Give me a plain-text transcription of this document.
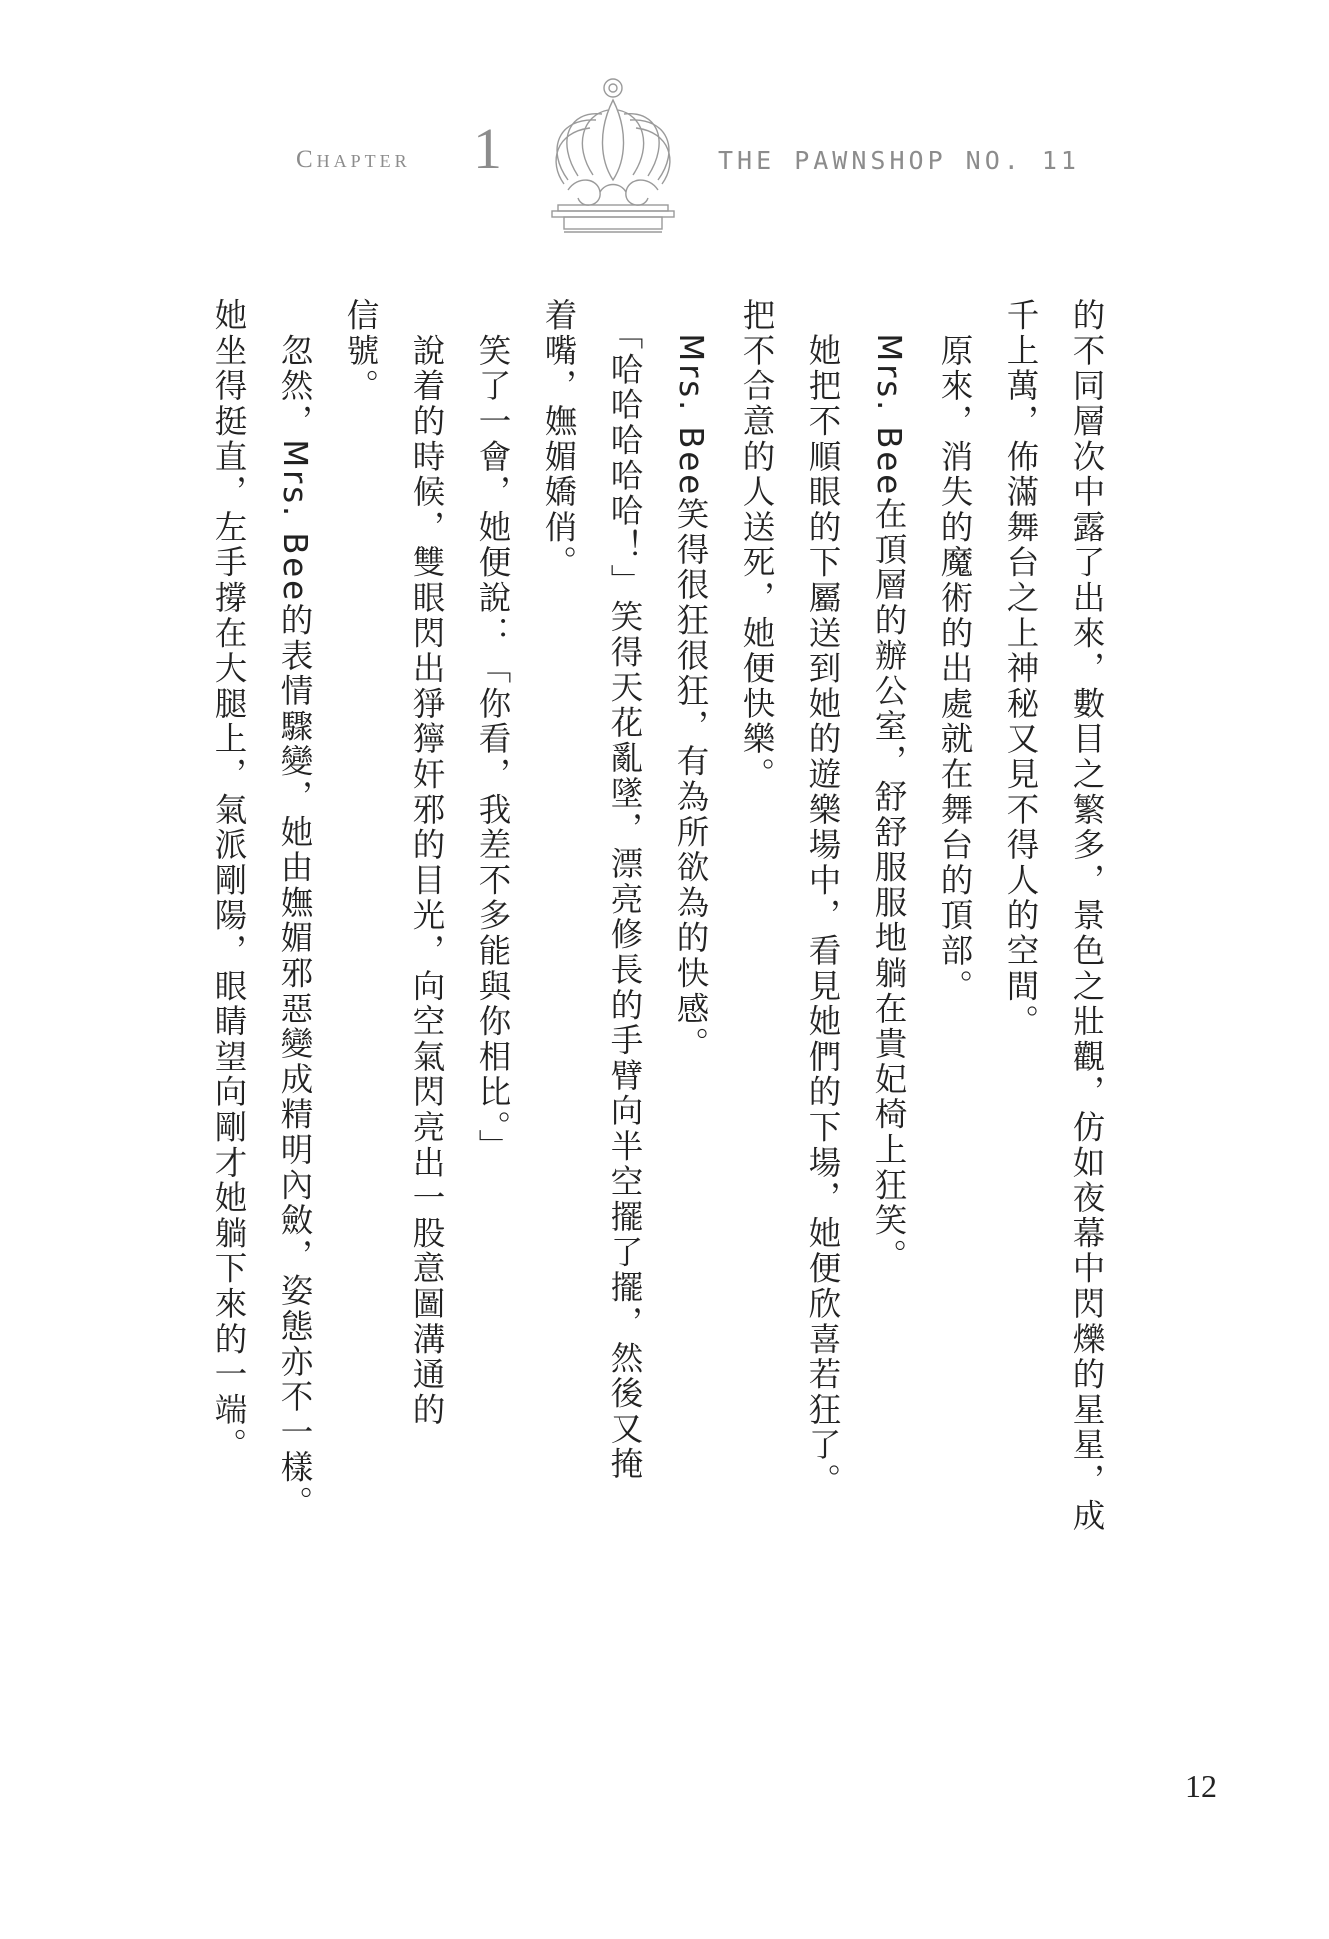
Chapter 1	THE PAWNSHOP NO. 11

的不同層次中露了出來，數目之繁多，景色之壯觀，仿如夜幕中閃爍的星星，成

千上萬，佈滿舞台之上神秘又見不得人的空間。

　原來，消失的魔術的出處就在舞台的頂部。

　Mrs. Bee在頂層的辦公室，舒舒服服地躺在貴妃椅上狂笑。

　她把不順眼的下屬送到她的遊樂場中，看見她們的下場，她便欣喜若狂了。

把不合意的人送死，她便快樂。

　Mrs. Bee笑得很狂很狂，有為所欲為的快感。

　「哈哈哈哈哈！」笑得天花亂墜，漂亮修長的手臂向半空擺了擺，然後又掩

着嘴，嫵媚嬌俏。

　笑了一會，她便說：「你看，我差不多能與你相比。」

　說着的時候，雙眼閃出猙獰奸邪的目光，向空氣閃亮出一股意圖溝通的

信號。

　忽然，Mrs. Bee的表情驟變，她由嫵媚邪惡變成精明內斂，姿態亦不一樣。

她坐得挺直，左手撐在大腿上，氣派剛陽，眼睛望向剛才她躺下來的一端。

12
